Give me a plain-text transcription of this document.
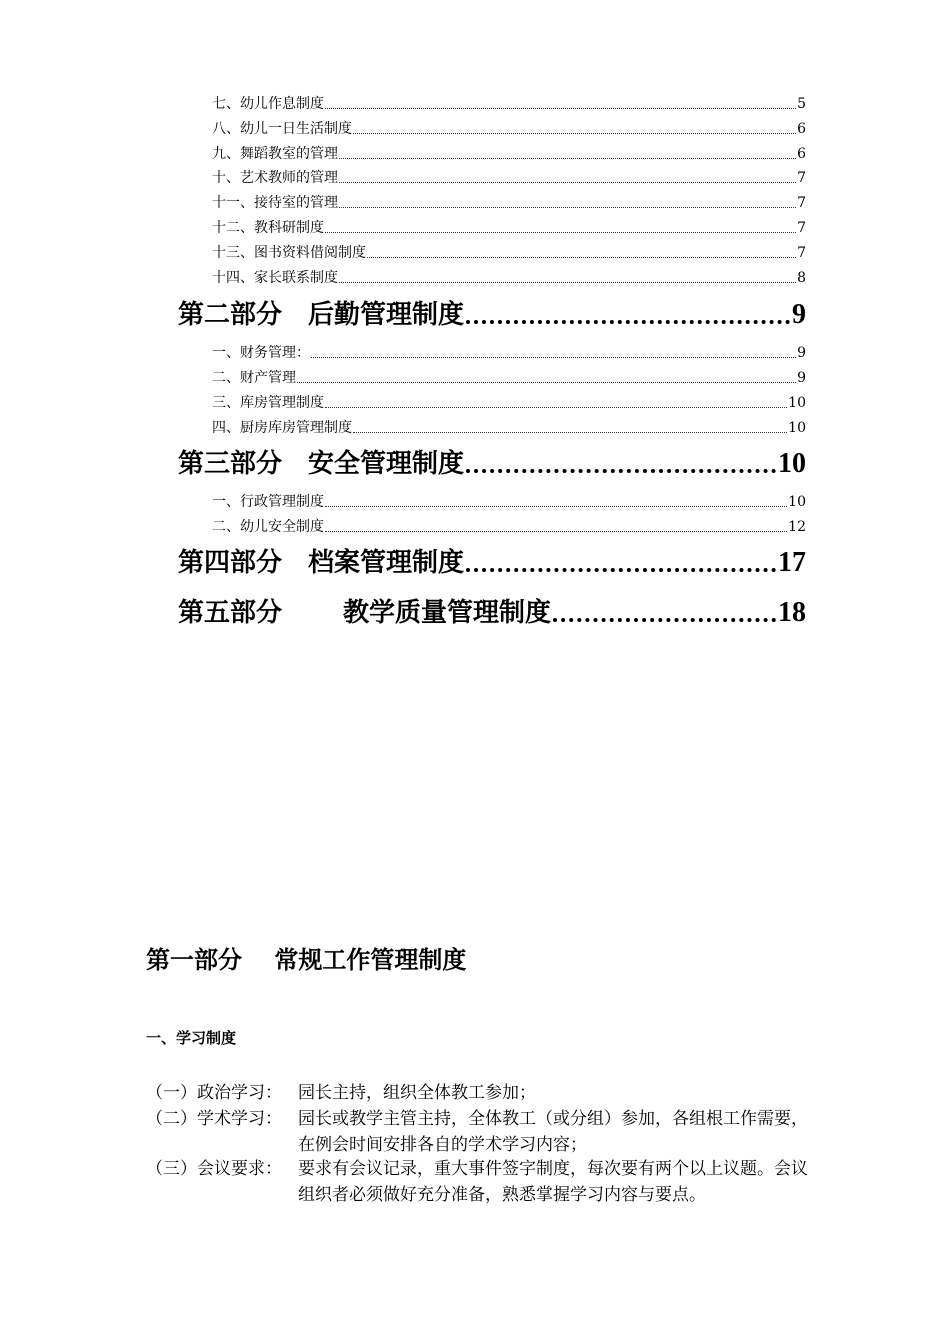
七、幼儿作息制度	5
八、幼儿一日生活制度	6
九、舞蹈教室的管理	6
十、艺术教师的管理	7
十一、接待室的管理	7
十二、教科研制度	7
十三、图书资料借阅制度	7
十四、家长联系制度	8
第二部分　后勤管理制度	9
一、财务管理：	9
二、财产管理	9
三、库房管理制度	10
四、厨房库房管理制度	10
第三部分　安全管理制度	10
一、行政管理制度	10
二、幼儿安全制度	12
第四部分　档案管理制度	17
第五部分　　 教学质量管理制度	18
第一部分　 常规工作管理制度
一、学习制度
（一）政治学习： 园长主持，组织全体教工参加；
（二）学术学习： 园长或教学主管主持，全体教工（或分组）参加，各组根工作需要，在例会时间安排各自的学术学习内容；
（三）会议要求： 要求有会议记录，重大事件签字制度，每次要有两个以上议题。会议组织者必须做好充分准备，熟悉掌握学习内容与要点。
